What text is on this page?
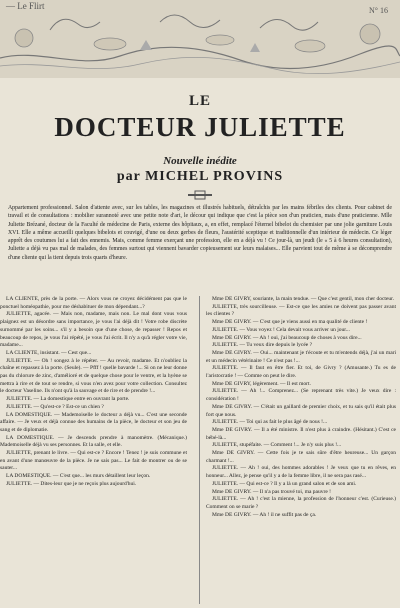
— Le Flirt	N° 16
LE
DOCTEUR JULIETTE
Nouvelle inédite
par MICHEL PROVINS

Appartement professionnel. Salon d'attente avec, sur les tables, les magazines et illustrés habituels, détraîchis par les mains fébriles des clients. Pour cabinet de travail et de consultations : mobilier surannoté avec une petite note d'art, le décour qui indique que c'est la pièce son d'un praticien, mais d'une praticienne. Mlle Juliette Brézané, docteur de la Faculté de médecine de Paris, externe des hôpitaux, a, en effet, remplacé l'éternel bibelot du chemisier par une jolie garniture Louis XVI. Elle a même accueilli quelques bibelots et couvigé, d'une ou deux gerbes de fleurs, l'austérité sceptique et traditionnelle d'un intérieur de médecin. Ce léger apprêt des coutumes lui a fait des ennemis. Mais, comme femme exerçant une profession, elle en a déjà vu ! Ce jour-là, un jeudi (le « 5 à 6 heures consultation), Juliette a déjà vu pas mal de malades, des femmes surtout qui viennent bavarder copieusement sur leurs malaises... Elle parvient tout de même à se décomprendre d'une cliente qui la tient depuis trois quarts d'heure.

LA CLIENTE, près de la porte. — Alors vous ne croyez décidément pas que le ponctuel homéopathie, pour me déshabituer de mon dépendant...?

JULIETTE, agacée. — Mais non, madame, mais non. Le mal dont vous vous plaignez est un désordre sans importance, je vous l'ai déjà dit ! Votre robe discrète surnommé par les soins... s'il y a besoin que d'une chose, de repasser ! Repos et beaucoup de repos, je vous l'ai répété, je vous l'ai écrit. Il n'y a qu'à régler votre vie, madame...

LA CLIENTE, insistant. — Cest que...

JULIETTE. — Oh ! songez à le répéter. — Au revoir, madame. Et n'oubliez la chaîne et repassez à la porte. (Seule). — Pfff ! quelle bavarde !... Si on ne leur donne pas du chlorure de zinc, d'amélioré et de quelque chose pour le ventre, et la hyène se mettra à rire et de tout se rendre, si vous n'en avez pour votre collection. Consultez le docteur Vaseline. Ils n'ont qu'à la sauvage et de rire et de prendre !...

JULIETTE. — La domestique entre en ouvrant la porte.

JULIETTE. — Qu'est-ce ? Est-ce un chien ?

LA DOMESTIQUE. — Mademoiselle le docteur a déjà vu... C'est une seconde affaire. — Je veux et déjà connue des humains de la pièce, le docteur et son jeu de sang et de diplomatie.

LA DOMESTIQUE. — Je descends prendre à manomètre. (Mécanique.) Mademoiselle déjà vu ses personnes. Et la salle, et elle.

JULIETTE, prenant le livre. — Qui est-ce ? Encore ! Tenez ! je suis commune et en avant d'une manœuvre de la pièce. Je ne sais pas... Le fait de montrer ou de se sauter...

LA DOMESTIQUE. — C'est que... les murs détaillent leur leçon.

JULIETTE. — Dites-leur que je ne reçois plus aujourd'hui.

Mme DE GIVRY, souriante, la main tendue. — Que c'est gentil, mon cher docteur.

JULIETTE, très sourcilleuse. — Est-ce que les amies ne doivent pas passer avant les clientes ?

Mme DE GIVRY. — C'est que je viens aussi en ma qualité de cliente !

JULIETTE. — Vous voyez ! Cela devait vous arriver un jour...

Mme DE GIVRY. — Ah ! oui, j'ai beaucoup de choses à vous dire...

JULIETTE. — Tu veux dire depuis le lycée ?

Mme DE GIVRY. — Oui... maintenant je t'écoute et tu m'entends déjà, j'ai un mari et un médecin vétérinaire ! Ce n'est pas !...

JULIETTE. — Il faut en être fier. Et toi, de Givry ? (Amusante.) Tu es de l'aristocratie ! — Comme on peut le dire.

Mme DE GIVRY, légèrement. — Il est mort.

JULIETTE. — Ah !... Comprenez... (Se reprenant très vite.) Je veux dire : considération !

Mme DE GIVRY. — C'était un gaillard de premier choix, et tu sais qu'il était plus fort que nous.

JULIETTE. — Toi qui as fait le plus âgé de nous !...

Mme DE GIVRY. — Il a été ministre. Il n'est plus à craindre. (Hésitant.) C'est ce bébé-là...

JULIETTE, stupéfaite. — Comment !... Je n'y suis plus !...

Mme DE GIVRY. — Cette fois je te sais sûre d'être heureuse... Un garçon charmant !...

JULIETTE. — Ah ! oui, des hommes adorables ! Je veux que tu en rêves, en honneur... Allez, je pense qu'il y a de la femme libre, il ne sera pas rasé...

JULIETTE. — Qui est-ce ? Il y a là un grand salon et de son ami.

Mme DE GIVRY. — Il n'a pas trouvé toi, ma pauvre !

JULIETTE. — Ah ! c'est la mienne, la profession de l'honneur c'est. (Curieuse.) Comment on se marie ?

Mme DE GIVRY. — Ah ! il ne suffit pas de ça.
